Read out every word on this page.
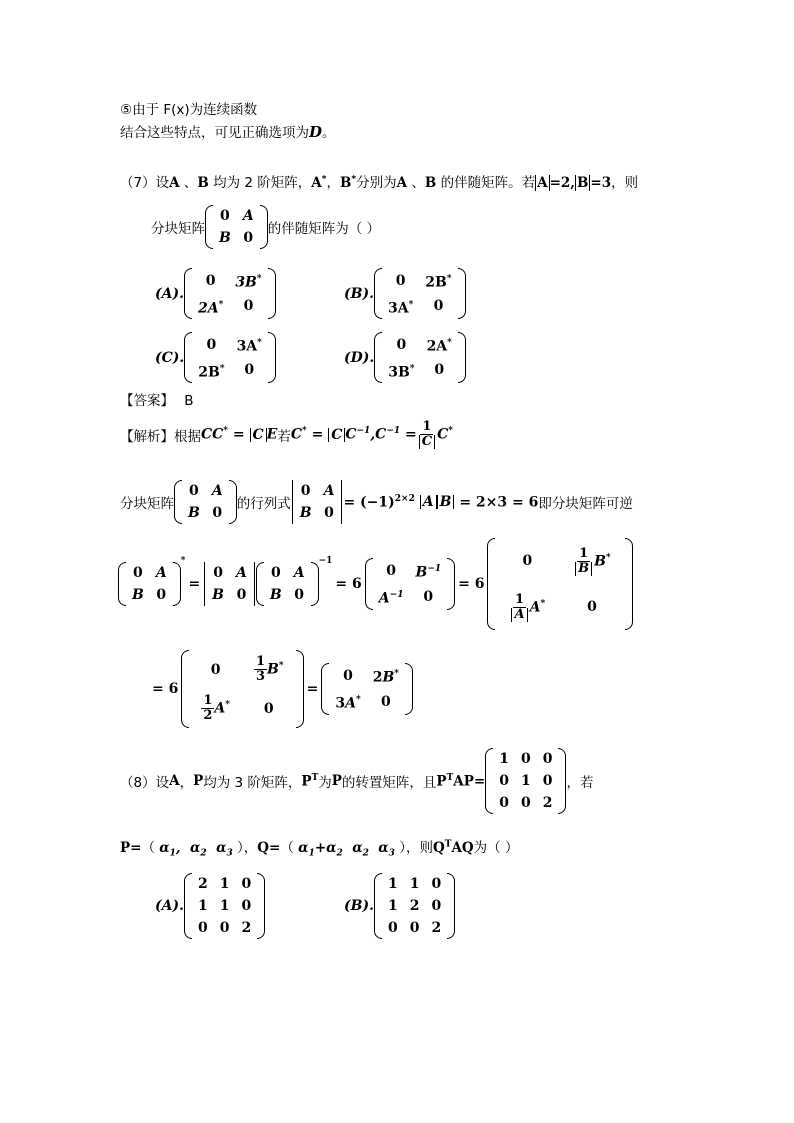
⑤由于 F(x)为连续函数
结合这些特点，可见正确选项为D。
（7）设A 、B 均为 2 阶矩阵，A*，B*分别为A 、B 的伴随矩阵。若 A =2, B =3，则
分块矩阵
0	A
B	0
的伴随矩阵为（ ）
(A).
0	3B*
2A*	0
(B).
0	2B*
3A*	0
(C).
0	3A*
2B*	0
(D).
0	2A*
3B*	0
【答案】 B
【解析】 根据 CC* = C E 若 C* = C $C^{-1},C^{-1} = \frac{1}{C} C^*$
分块矩阵
0	A
B	0
的行列式
0	A
B	0
= $(-1)^{2\times 2}$ A B = 2×3 = 6 即分块矩阵可逆
0	A
B	0
*
=
0	A
B	0
0	A
B	0
−1
= 6
0	$B^{-1}$
$A^{-1}$	0
= 6
0	$\frac{1}{B} B^*$

$\frac{1}{A} A^*$	0
= 6
0	$\frac{1}{3} B^*$

$\frac{1}{2} A^*$	0
=
0	2B*
3A*	0
（8）设 A ， P 均为 3 阶矩阵， $P^T$ 为 P 的转置矩阵，且 $P^TAP=$
1	0	0
0	1	0
0	0	2
，若
P=（ $\alpha_1$,  $\alpha_2$  $\alpha_3$ ），Q=（ $\alpha_1+\alpha_2$  $\alpha_2$  $\alpha_3$ ），则$Q^TAQ$为（ ）
(A).
2	1	0
1	1	0
0	0	2
(B).
1	1	0
1	2	0
0	0	2
